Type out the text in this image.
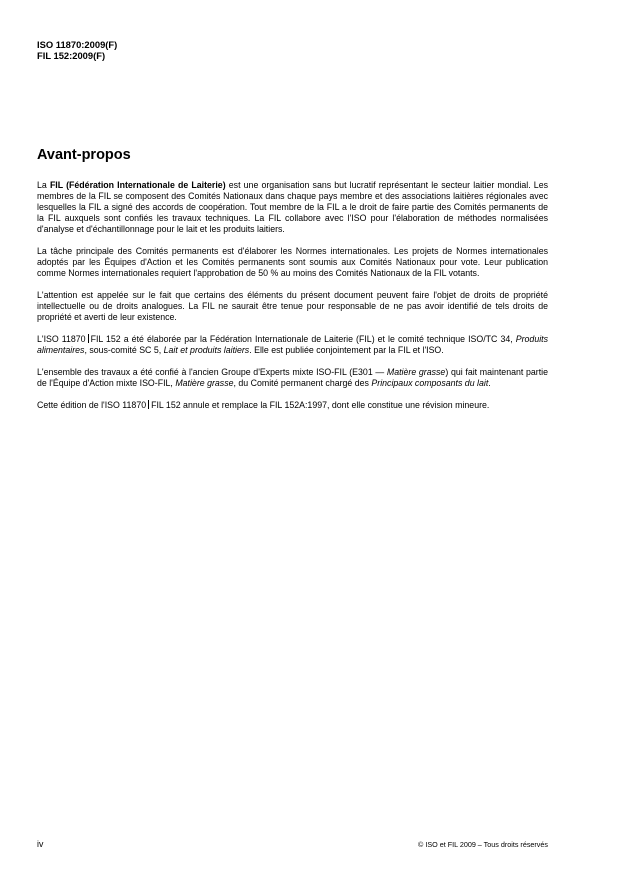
ISO 11870:2009(F)
FIL 152:2009(F)
Avant-propos

La FIL (Fédération Internationale de Laiterie) est une organisation sans but lucratif représentant le secteur laitier mondial. Les membres de la FIL se composent des Comités Nationaux dans chaque pays membre et des associations laitières régionales avec lesquelles la FIL a signé des accords de coopération. Tout membre de la FIL a le droit de faire partie des Comités permanents de la FIL auxquels sont confiés les travaux techniques. La FIL collabore avec l'ISO pour l'élaboration de méthodes normalisées d'analyse et d'échantillonnage pour le lait et les produits laitiers.

La tâche principale des Comités permanents est d'élaborer les Normes internationales. Les projets de Normes internationales adoptés par les Équipes d'Action et les Comités permanents sont soumis aux Comités Nationaux pour vote. Leur publication comme Normes internationales requiert l'approbation de 50 % au moins des Comités Nationaux de la FIL votants.

L'attention est appelée sur le fait que certains des éléments du présent document peuvent faire l'objet de droits de propriété intellectuelle ou de droits analogues. La FIL ne saurait être tenue pour responsable de ne pas avoir identifié de tels droits de propriété et averti de leur existence.

L'ISO 11870 FIL 152 a été élaborée par la Fédération Internationale de Laiterie (FIL) et le comité technique ISO/TC 34, Produits alimentaires, sous-comité SC 5, Lait et produits laitiers. Elle est publiée conjointement par la FIL et l'ISO.

L'ensemble des travaux a été confié à l'ancien Groupe d'Experts mixte ISO-FIL (E301 — Matière grasse) qui fait maintenant partie de l'Équipe d'Action mixte ISO-FIL, Matière grasse, du Comité permanent chargé des Principaux composants du lait.

Cette édition de l'ISO 11870 FIL 152 annule et remplace la FIL 152A:1997, dont elle constitue une révision mineure.

iv	© ISO et FIL 2009 – Tous droits réservés
